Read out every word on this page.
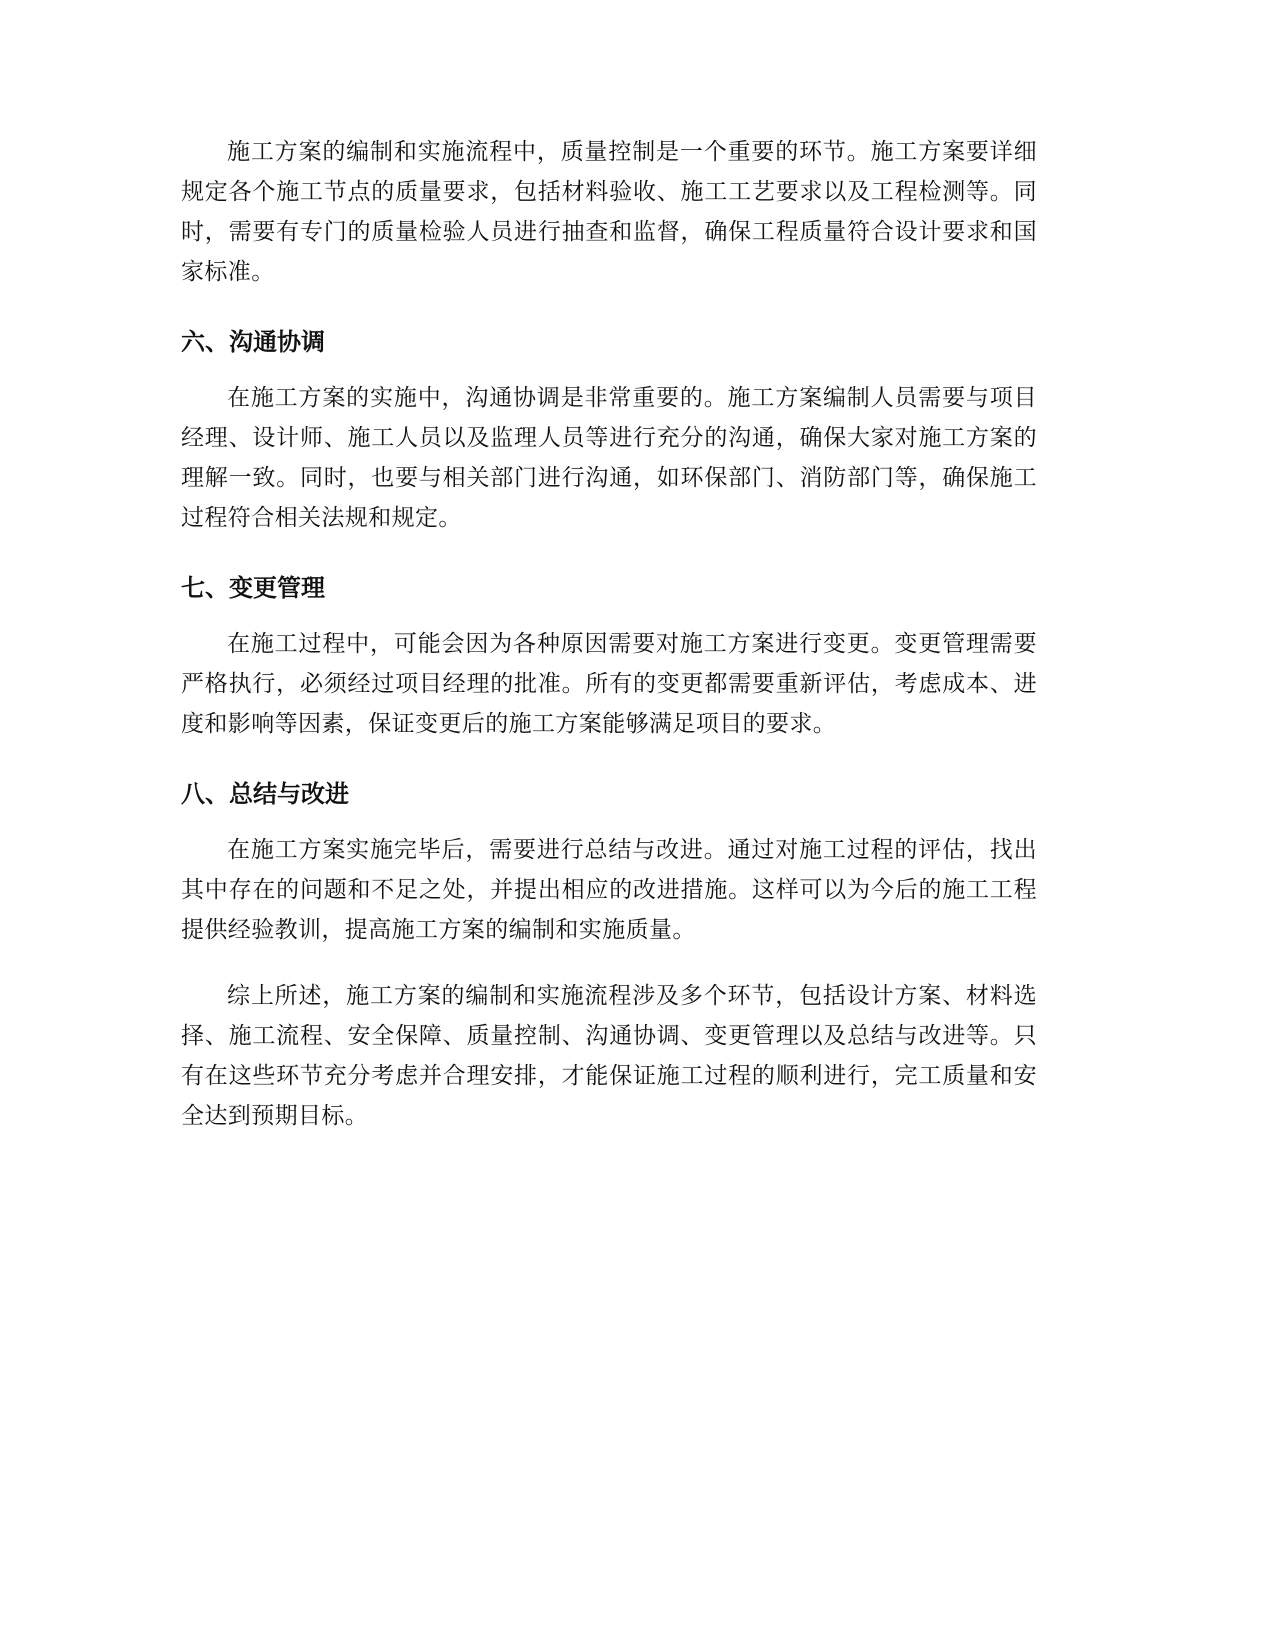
施工方案的编制和实施流程中，质量控制是一个重要的环节。施工方案要详细规定各个施工节点的质量要求，包括材料验收、施工工艺要求以及工程检测等。同时，需要有专门的质量检验人员进行抽查和监督，确保工程质量符合设计要求和国家标准。

六、沟通协调

在施工方案的实施中，沟通协调是非常重要的。施工方案编制人员需要与项目经理、设计师、施工人员以及监理人员等进行充分的沟通，确保大家对施工方案的理解一致。同时，也要与相关部门进行沟通，如环保部门、消防部门等，确保施工过程符合相关法规和规定。

七、变更管理

在施工过程中，可能会因为各种原因需要对施工方案进行变更。变更管理需要严格执行，必须经过项目经理的批准。所有的变更都需要重新评估，考虑成本、进度和影响等因素，保证变更后的施工方案能够满足项目的要求。

八、总结与改进

在施工方案实施完毕后，需要进行总结与改进。通过对施工过程的评估，找出其中存在的问题和不足之处，并提出相应的改进措施。这样可以为今后的施工工程提供经验教训，提高施工方案的编制和实施质量。

综上所述，施工方案的编制和实施流程涉及多个环节，包括设计方案、材料选择、施工流程、安全保障、质量控制、沟通协调、变更管理以及总结与改进等。只有在这些环节充分考虑并合理安排，才能保证施工过程的顺利进行，完工质量和安全达到预期目标。
